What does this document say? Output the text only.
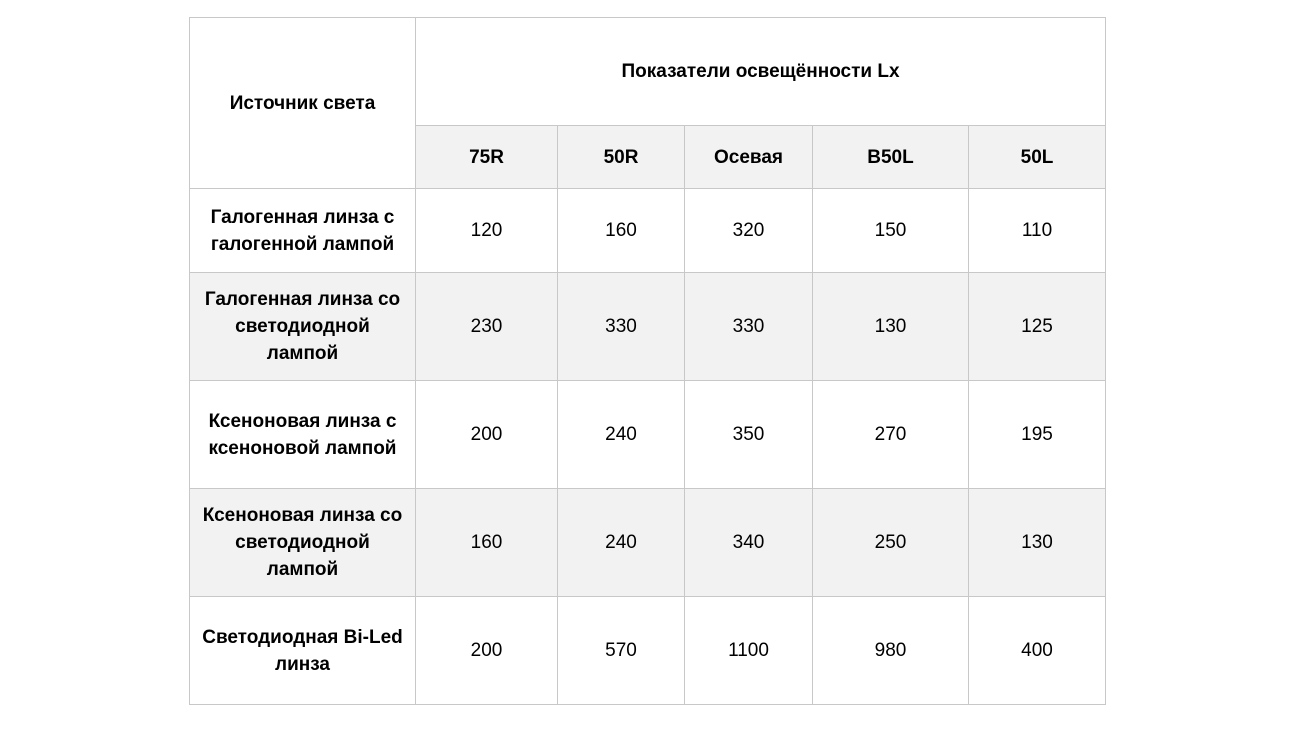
Источник света	Показатели освещённости Lx				
	75R	50R	Осевая	B50L	50L
Галогенная линза с галогенной лампой	120	160	320	150	110
Галогенная линза со светодиодной лампой	230	330	330	130	125
Ксеноновая линза с ксеноновой лампой	200	240	350	270	195
Ксеноновая линза со светодиодной лампой	160	240	340	250	130
Светодиодная Bi-Led линза	200	570	1100	980	400
